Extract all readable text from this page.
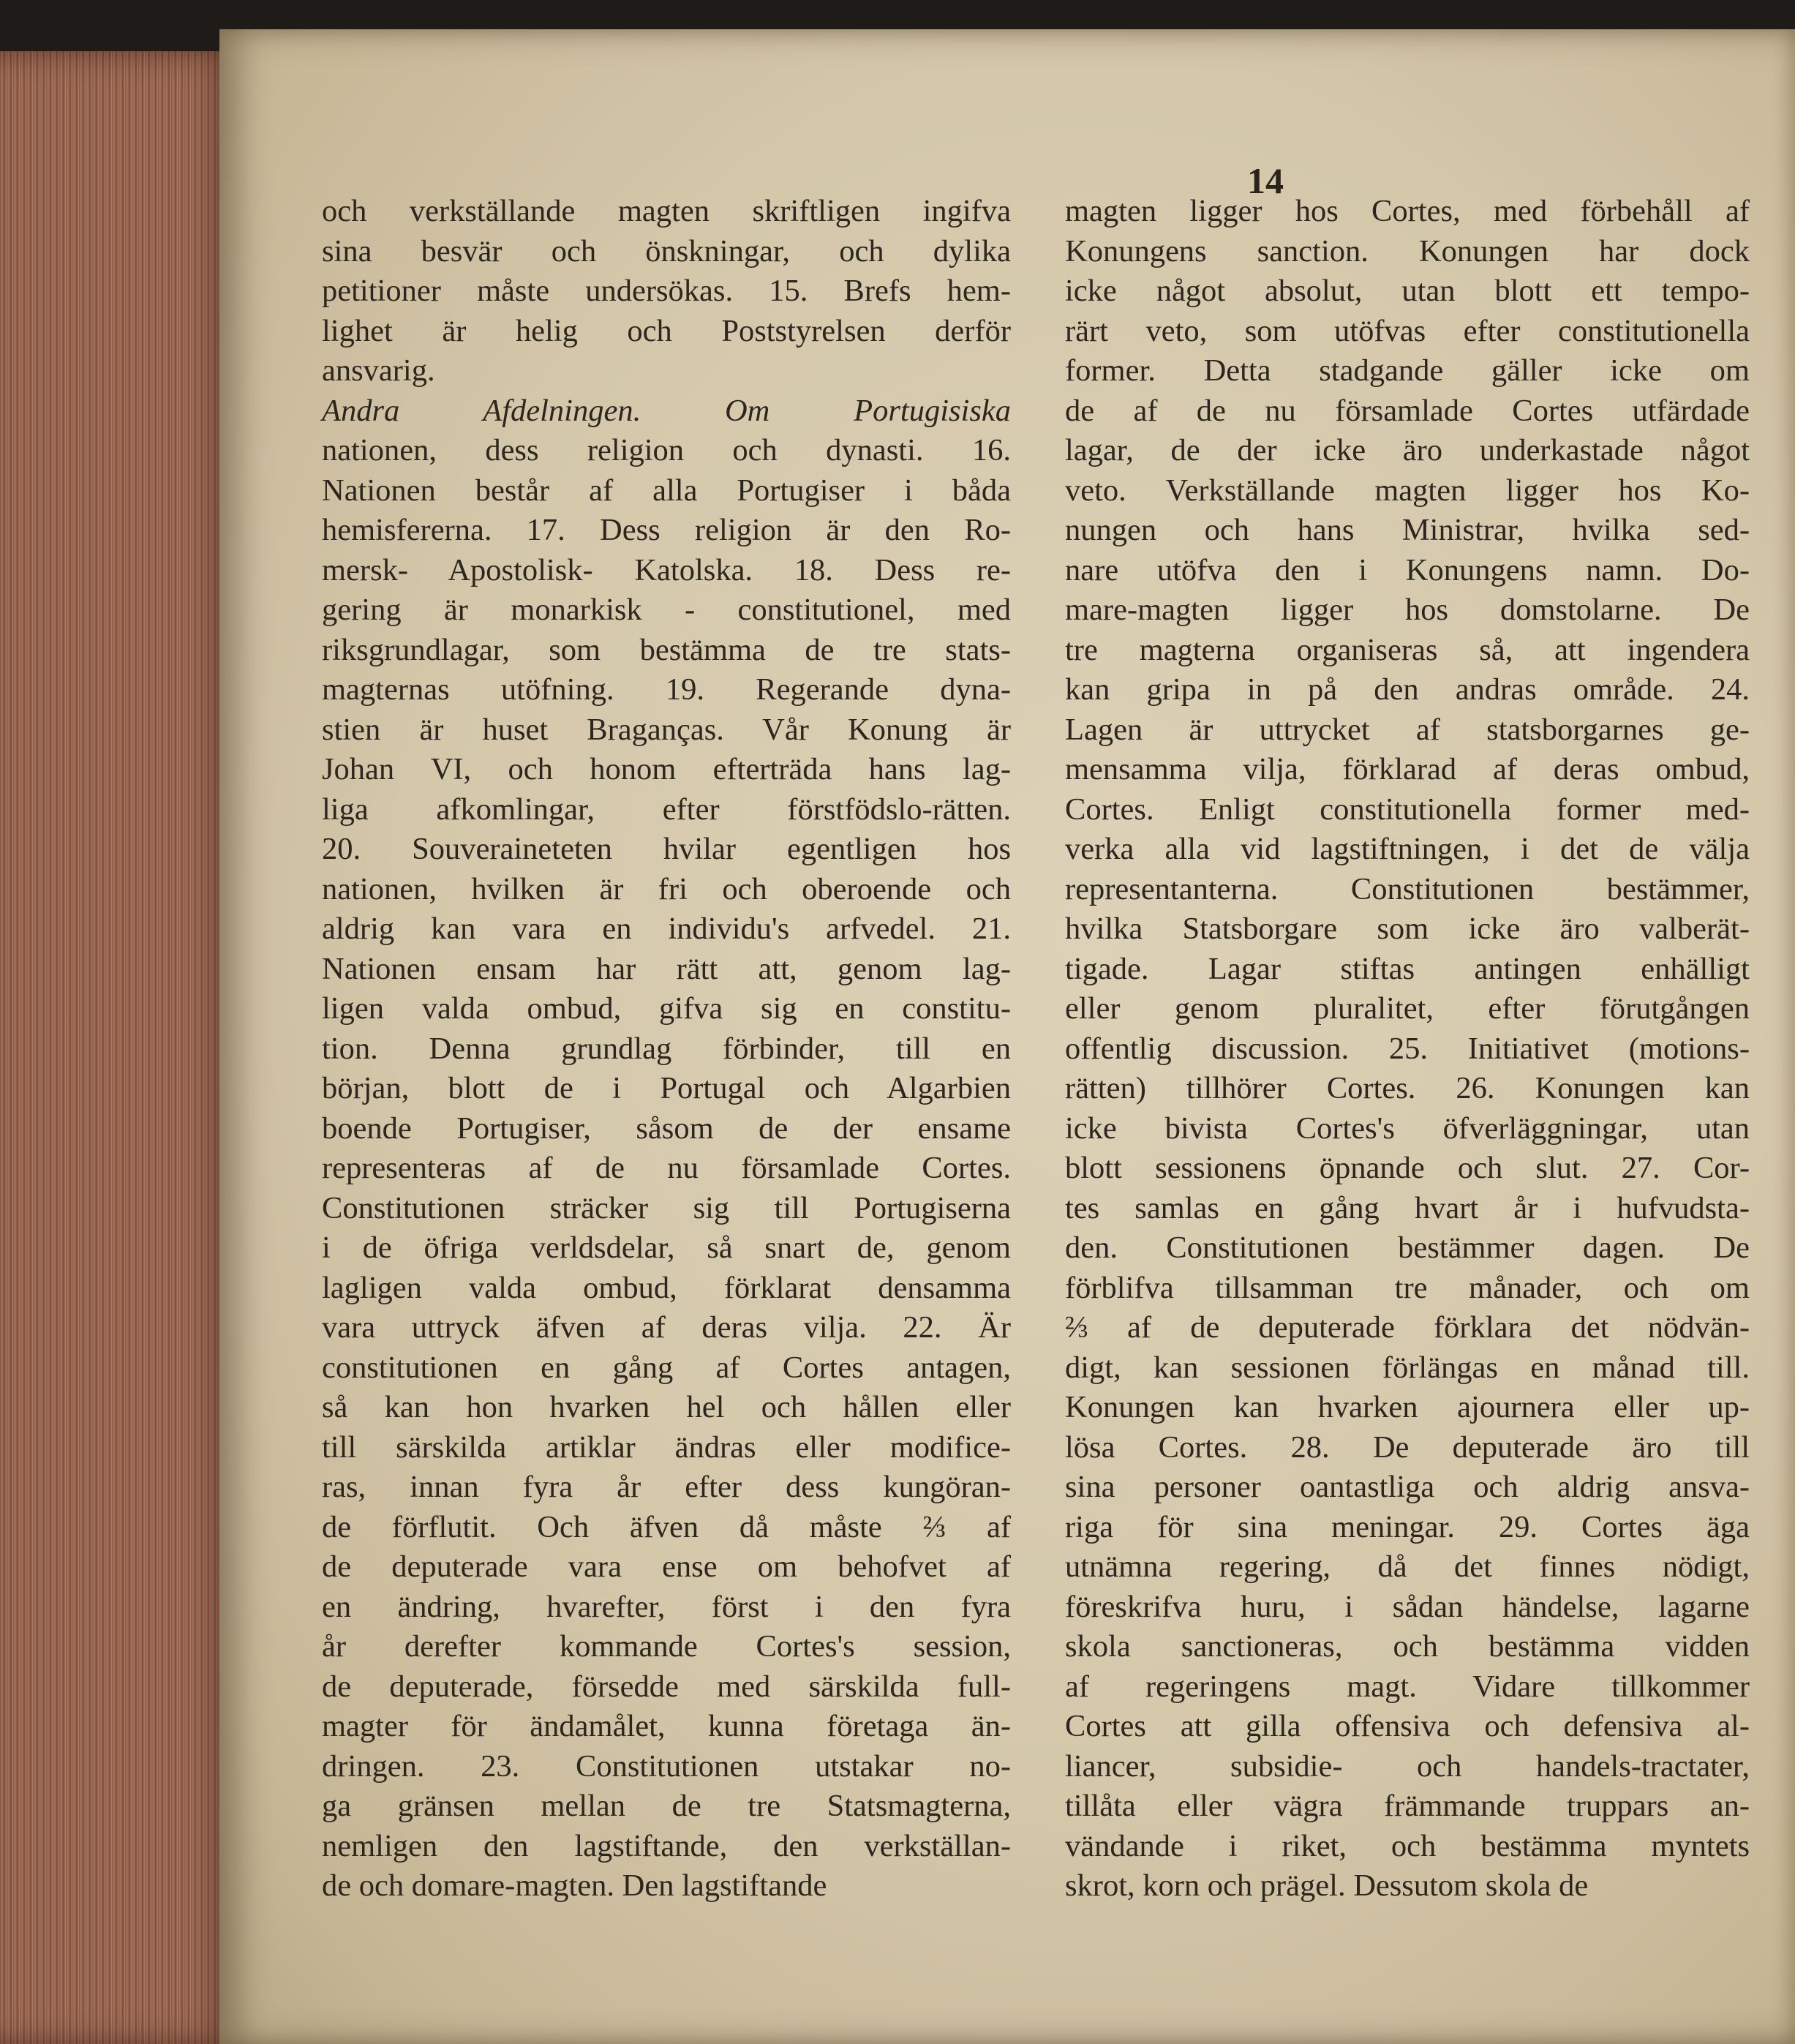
14
och verkställande magten skriftligen ingifva
sina besvär och önskningar, och dylika
petitioner måste undersökas. 15. Brefs hem-
lighet är helig och Poststyrelsen derför
ansvarig.
Andra Afdelningen. Om Portugisiska
nationen, dess religion och dynasti. 16.
Nationen består af alla Portugiser i båda
hemisfererna. 17. Dess religion är den Ro-
mersk- Apostolisk- Katolska. 18. Dess re-
gering är monarkisk - constitutionel, med
riksgrundlagar, som bestämma de tre stats-
magternas utöfning. 19. Regerande dyna-
stien är huset Braganças. Vår Konung är
Johan VI, och honom efterträda hans lag-
liga afkomlingar, efter förstfödslo-rätten.
20. Souveraineteten hvilar egentligen hos
nationen, hvilken är fri och oberoende och
aldrig kan vara en individu's arfvedel. 21.
Nationen ensam har rätt att, genom lag-
ligen valda ombud, gifva sig en constitu-
tion. Denna grundlag förbinder, till en
början, blott de i Portugal och Algarbien
boende Portugiser, såsom de der ensame
representeras af de nu församlade Cortes.
Constitutionen sträcker sig till Portugiserna
i de öfriga verldsdelar, så snart de, genom
lagligen valda ombud, förklarat densamma
vara uttryck äfven af deras vilja. 22. Är
constitutionen en gång af Cortes antagen,
så kan hon hvarken hel och hållen eller
till särskilda artiklar ändras eller modifice-
ras, innan fyra år efter dess kungöran-
de förflutit. Och äfven då måste ⅔ af
de deputerade vara ense om behofvet af
en ändring, hvarefter, först i den fyra
år derefter kommande Cortes's session,
de deputerade, försedde med särskilda full-
magter för ändamålet, kunna företaga än-
dringen. 23. Constitutionen utstakar no-
ga gränsen mellan de tre Statsmagterna,
nemligen den lagstiftande, den verkställan-
de och domare-magten. Den lagstiftande
magten ligger hos Cortes, med förbehåll af
Konungens sanction. Konungen har dock
icke något absolut, utan blott ett tempo-
rärt veto, som utöfvas efter constitutionella
former. Detta stadgande gäller icke om
de af de nu församlade Cortes utfärdade
lagar, de der icke äro underkastade något
veto. Verkställande magten ligger hos Ko-
nungen och hans Ministrar, hvilka sed-
nare utöfva den i Konungens namn. Do-
mare-magten ligger hos domstolarne. De
tre magterna organiseras så, att ingendera
kan gripa in på den andras område. 24.
Lagen är uttrycket af statsborgarnes ge-
mensamma vilja, förklarad af deras ombud,
Cortes. Enligt constitutionella former med-
verka alla vid lagstiftningen, i det de välja
representanterna. Constitutionen bestämmer,
hvilka Statsborgare som icke äro valberät-
tigade. Lagar stiftas antingen enhälligt
eller genom pluralitet, efter förutgången
offentlig discussion. 25. Initiativet (motions-
rätten) tillhörer Cortes. 26. Konungen kan
icke bivista Cortes's öfverläggningar, utan
blott sessionens öpnande och slut. 27. Cor-
tes samlas en gång hvart år i hufvudsta-
den. Constitutionen bestämmer dagen. De
förblifva tillsamman tre månader, och om
⅔ af de deputerade förklara det nödvän-
digt, kan sessionen förlängas en månad till.
Konungen kan hvarken ajournera eller up-
lösa Cortes. 28. De deputerade äro till
sina personer oantastliga och aldrig ansva-
riga för sina meningar. 29. Cortes äga
utnämna regering, då det finnes nödigt,
föreskrifva huru, i sådan händelse, lagarne
skola sanctioneras, och bestämma vidden
af regeringens magt. Vidare tillkommer
Cortes att gilla offensiva och defensiva al-
liancer, subsidie- och handels-tractater,
tillåta eller vägra främmande truppars an-
vändande i riket, och bestämma myntets
skrot, korn och prägel. Dessutom skola de
